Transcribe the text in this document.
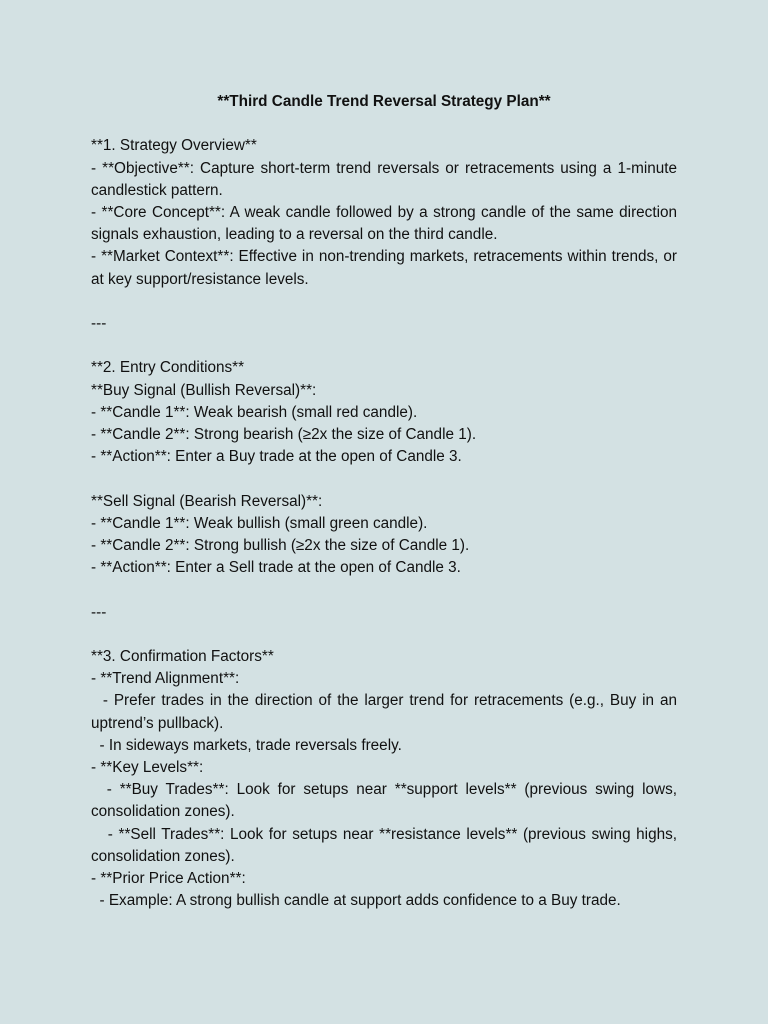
**Third Candle Trend Reversal Strategy Plan**

**1. Strategy Overview**

- **Objective**: Capture short-term trend reversals or retracements using a 1-minute candlestick pattern.

- **Core Concept**: A weak candle followed by a strong candle of the same direction signals exhaustion, leading to a reversal on the third candle.

- **Market Context**: Effective in non-trending markets, retracements within trends, or at key support/resistance levels.

---

**2. Entry Conditions**

**Buy Signal (Bullish Reversal)**:

- **Candle 1**: Weak bearish (small red candle).

- **Candle 2**: Strong bearish (≥2x the size of Candle 1).

- **Action**: Enter a Buy trade at the open of Candle 3.

**Sell Signal (Bearish Reversal)**:

- **Candle 1**: Weak bullish (small green candle).

- **Candle 2**: Strong bullish (≥2x the size of Candle 1).

- **Action**: Enter a Sell trade at the open of Candle 3.

---

**3. Confirmation Factors**

- **Trend Alignment**:

- Prefer trades in the direction of the larger trend for retracements (e.g., Buy in an uptrend’s pullback).

- In sideways markets, trade reversals freely.

- **Key Levels**:

- **Buy Trades**: Look for setups near **support levels** (previous swing lows, consolidation zones).

- **Sell Trades**: Look for setups near **resistance levels** (previous swing highs, consolidation zones).

- **Prior Price Action**:

- Example: A strong bullish candle at support adds confidence to a Buy trade.
